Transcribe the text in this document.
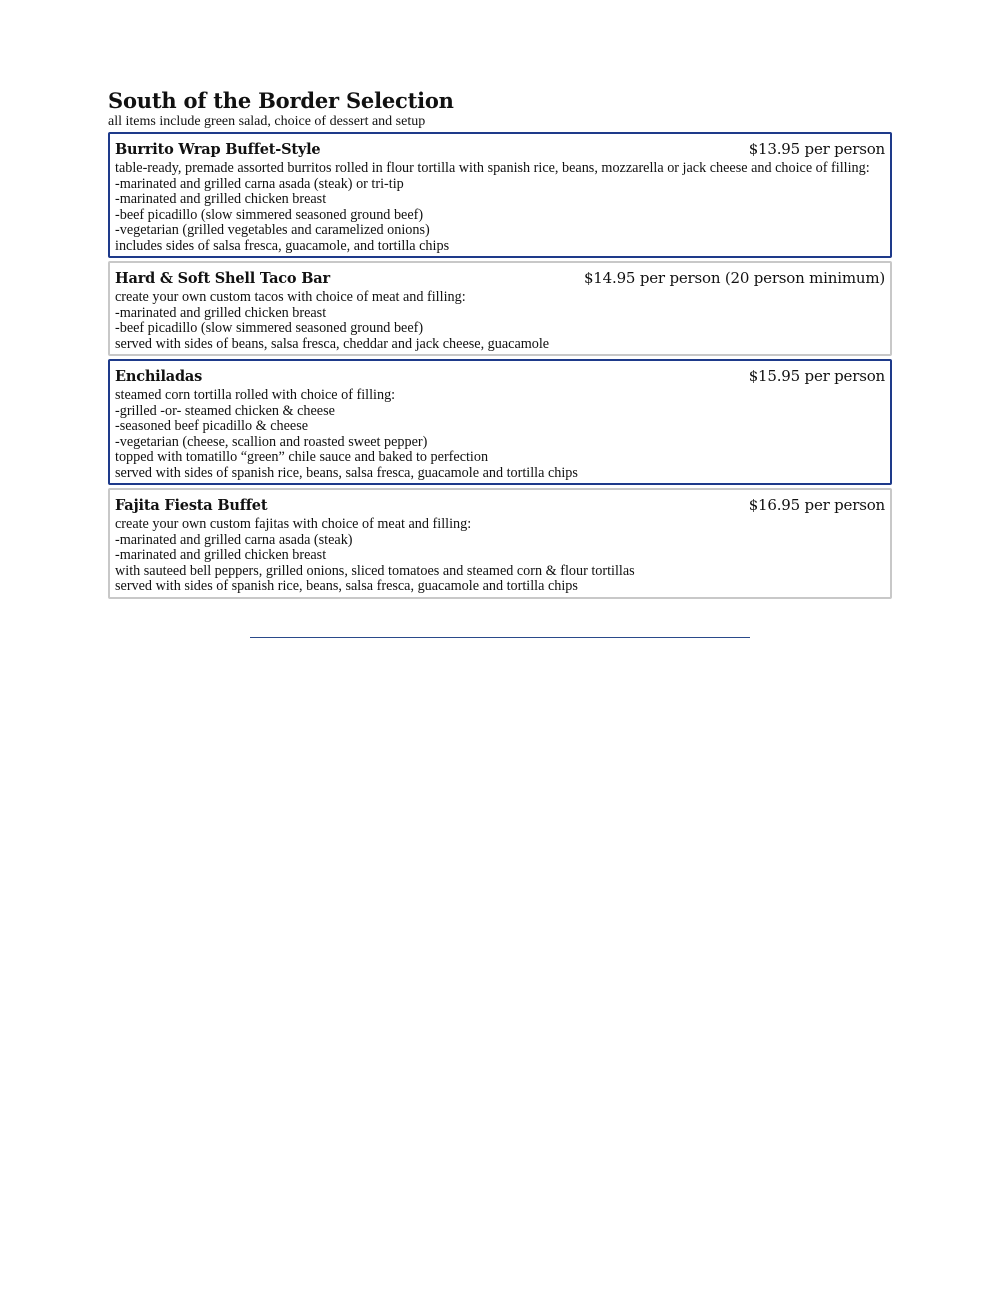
South of the Border Selection

all items include green salad, choice of dessert and setup

Burrito Wrap Buffet-Style	$13.95 per person
table-ready, premade assorted burritos rolled in flour tortilla with spanish rice, beans, mozzarella or jack cheese and choice of filling:
-marinated and grilled carna asada (steak) or tri-tip
-marinated and grilled chicken breast
-beef picadillo (slow simmered seasoned ground beef)
-vegetarian (grilled vegetables and caramelized onions)
includes sides of salsa fresca, guacamole, and tortilla chips
Hard & Soft Shell Taco Bar	$14.95 per person (20 person minimum)
create your own custom tacos with choice of meat and filling:
-marinated and grilled chicken breast
-beef picadillo (slow simmered seasoned ground beef)
served with sides of beans, salsa fresca, cheddar and jack cheese, guacamole
Enchiladas	$15.95 per person
steamed corn tortilla rolled with choice of filling:
-grilled -or- steamed chicken & cheese
-seasoned beef picadillo & cheese
-vegetarian (cheese, scallion and roasted sweet pepper)
topped with tomatillo “green” chile sauce and baked to perfection
served with sides of spanish rice, beans, salsa fresca, guacamole and tortilla chips
Fajita Fiesta Buffet	$16.95 per person
create your own custom fajitas with choice of meat and filling:
-marinated and grilled carna asada (steak)
-marinated and grilled chicken breast
with sauteed bell peppers, grilled onions, sliced tomatoes and steamed corn & flour tortillas
served with sides of spanish rice, beans, salsa fresca, guacamole and tortilla chips
